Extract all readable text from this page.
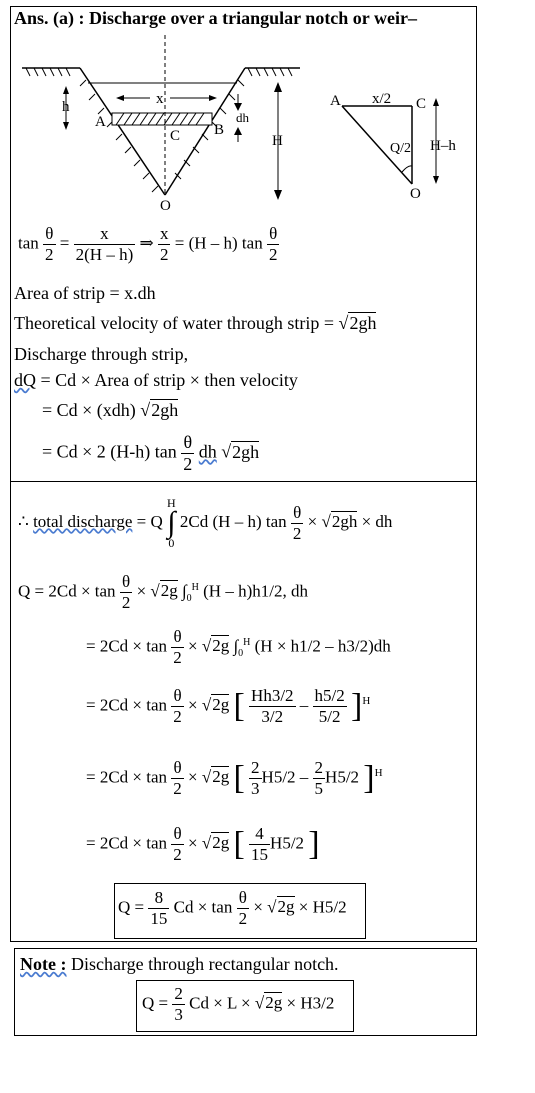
Ans. (a) : Discharge over a triangular notch or weir–
x
h
dh
A	B
C	H
O
A	C
O
x/2
Q/2 H–h
$\tan \frac{\theta}{2} = \frac{x}{2(H - h)}$ ⇒ $\frac{x}{2} = (H - h)$ $\tan \frac{\theta}{2}$
Area of strip = x.dh
Theoretical velocity of water through strip = √2gh
Discharge through strip,
dQ = Cd × Area of strip × then velocity
= Cd × (xdh) √2gh
= Cd × 2 (H-h) $\tan \frac{\theta}{2}$ dh √2gh
∴ total discharge = Q
H
∫
0
2Cd (H – h) $\tan \frac{\theta}{2} \times √2gh$ × dh
$Q = 2Cd \times \tan \frac{\theta}{2} \times √2g$ $\int_0^H$ (H – h)h1/2, dh
= $2Cd \times \tan \frac{\theta}{2} \times √2g$ $\int_0^H$ (H × h1/2 – h3/2)dh
= $2Cd \times \tan \frac{\theta}{2} \times √2g$ [ $\frac{Hh3/2}{3/2} - \frac{h5/2}{5/2} ]^H$
= $2Cd \times \tan \frac{\theta}{2} \times √2g$ [ $\frac{2}{3} H5/2 - \frac{2}{5} H5/2$ ]$^H$
= $2Cd \times \tan \frac{\theta}{2} \times √2g$ [ $\frac{4}{15} H5/2$ ]
$Q = \frac{8}{15}$ $Cd \times \tan \frac{\theta}{2} \times √2g \times H5/2$
Note : Discharge through rectangular notch.
$Q = \frac{2}{3}$ Cd × L × √2g × H3/2
